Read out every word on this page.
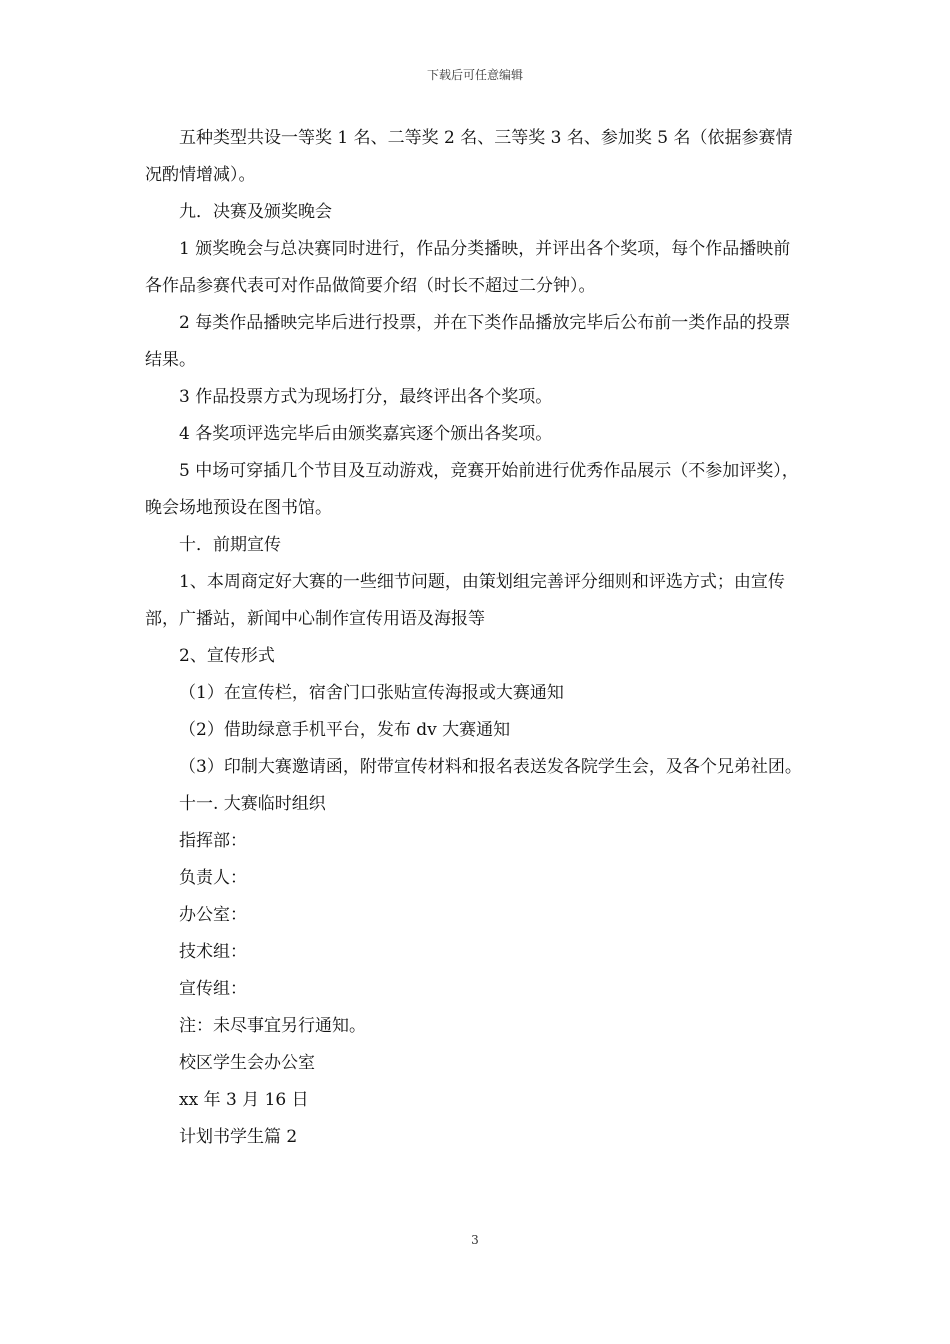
下载后可任意编辑

五种类型共设一等奖 1 名、二等奖 2 名、三等奖 3 名、参加奖 5 名（依据参赛情况酌情增减）。

九．决赛及颁奖晚会

1 颁奖晚会与总决赛同时进行，作品分类播映，并评出各个奖项，每个作品播映前各作品参赛代表可对作品做简要介绍（时长不超过二分钟）。

2 每类作品播映完毕后进行投票，并在下类作品播放完毕后公布前一类作品的投票结果。

3 作品投票方式为现场打分，最终评出各个奖项。

4 各奖项评选完毕后由颁奖嘉宾逐个颁出各奖项。

5 中场可穿插几个节目及互动游戏，竞赛开始前进行优秀作品展示（不参加评奖），晚会场地预设在图书馆。

十．前期宣传

1、本周商定好大赛的一些细节问题，由策划组完善评分细则和评选方式；由宣传部，广播站，新闻中心制作宣传用语及海报等

2、宣传形式

（1）在宣传栏，宿舍门口张贴宣传海报或大赛通知

（2）借助绿意手机平台，发布 dv 大赛通知

（3）印制大赛邀请函，附带宣传材料和报名表送发各院学生会，及各个兄弟社团。

十一. 大赛临时组织

指挥部：

负责人：

办公室：

技术组：

宣传组：

注：未尽事宜另行通知。

校区学生会办公室

xx 年 3 月 16 日

计划书学生篇 2

3
